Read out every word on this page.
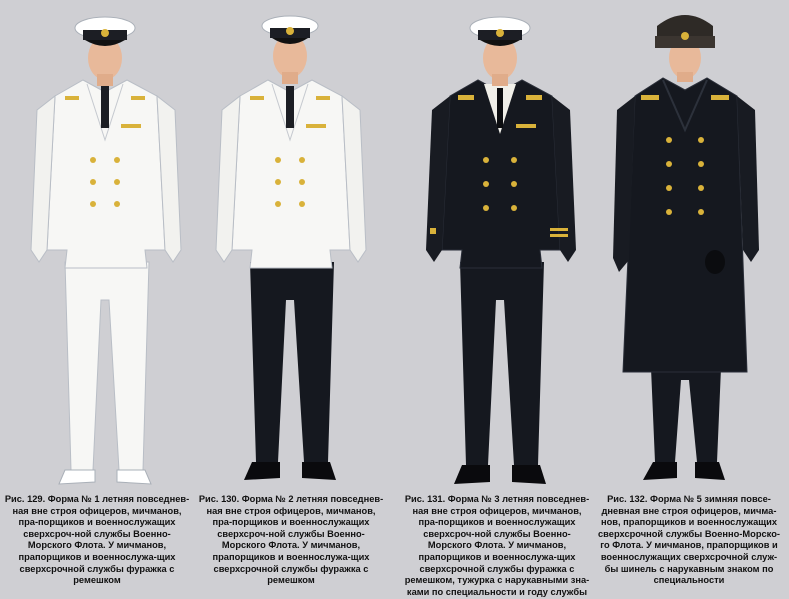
Рис. 129. Форма № 1 летняя повседнев-ная вне строя офицеров, мичманов, пра-порщиков и военнослужащих сверхсроч-ной службы Военно-Морского Флота. У мичманов, прапорщиков и военнослужа-щих сверхсрочной службы фуражка с ремешком
Рис. 130. Форма № 2 летняя повседнев-ная вне строя офицеров, мичманов, пра-порщиков и военнослужащих сверхсроч-ной службы Военно-Морского Флота. У мичманов, прапорщиков и военнослужа-щих сверхсрочной службы фуражка с ремешком
Рис. 131. Форма № 3 летняя повседнев-ная вне строя офицеров, мичманов, пра-порщиков и военнослужащих сверхсроч-ной службы Военно-Морского Флота. У мичманов, прапорщиков и военнослужа-щих сверхсрочной службы фуражка с ремешком, тужурка с нарукавными зна-ками по специальности и году службы
Рис. 132. Форма № 5 зимняя повсе-дневная вне строя офицеров, мичма-нов, прапорщиков и военнослужащих сверхсрочной службы Военно-Морско-го Флота. У мичманов, прапорщиков и военнослужащих сверхсрочной служ-бы шинель с нарукавным знаком по специальности
